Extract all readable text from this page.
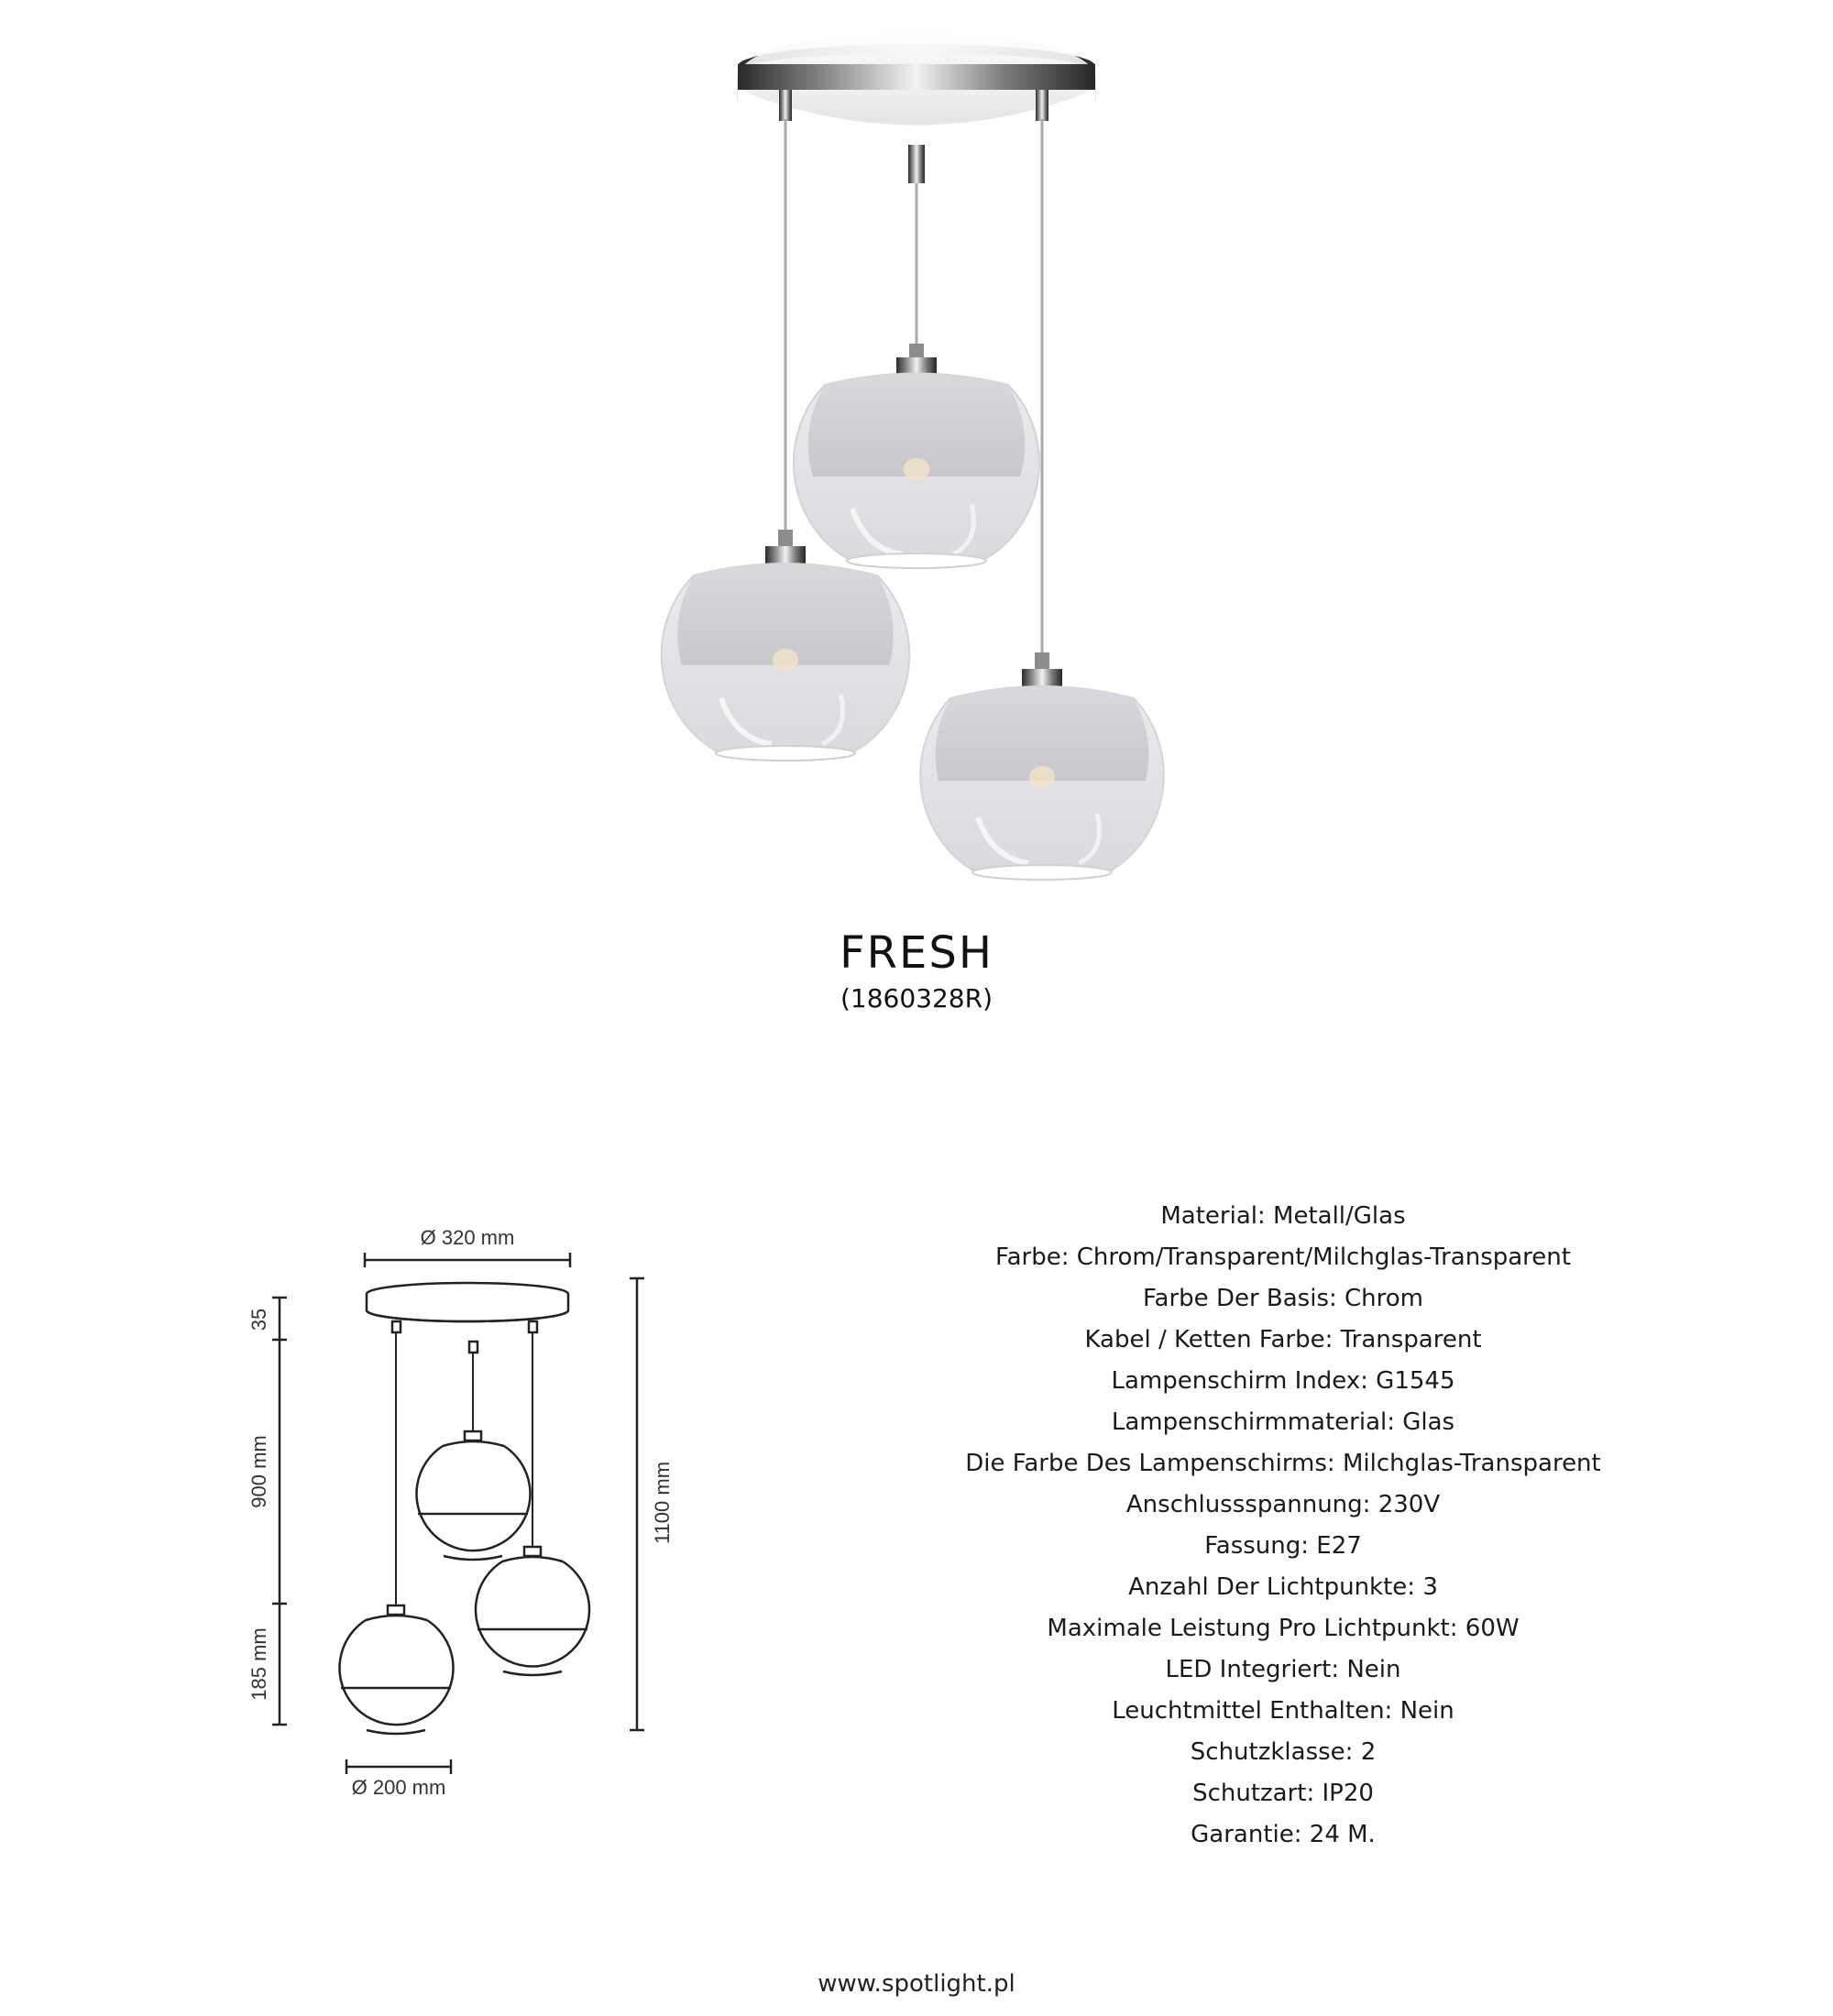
FRESH
(1860328R)
Ø 320 mm
35
900 mm
185 mm
1100 mm
Ø 200 mm
Material: Metall/Glas
Farbe: Chrom/Transparent/Milchglas-Transparent
Farbe Der Basis: Chrom
Kabel / Ketten Farbe: Transparent
Lampenschirm Index: G1545
Lampenschirmmaterial: Glas
Die Farbe Des Lampenschirms: Milchglas-Transparent
Anschlussspannung: 230V
Fassung: E27
Anzahl Der Lichtpunkte: 3
Maximale Leistung Pro Lichtpunkt: 60W
LED Integriert: Nein
Leuchtmittel Enthalten: Nein
Schutzklasse: 2
Schutzart: IP20
Garantie: 24 M.
www.spotlight.pl
